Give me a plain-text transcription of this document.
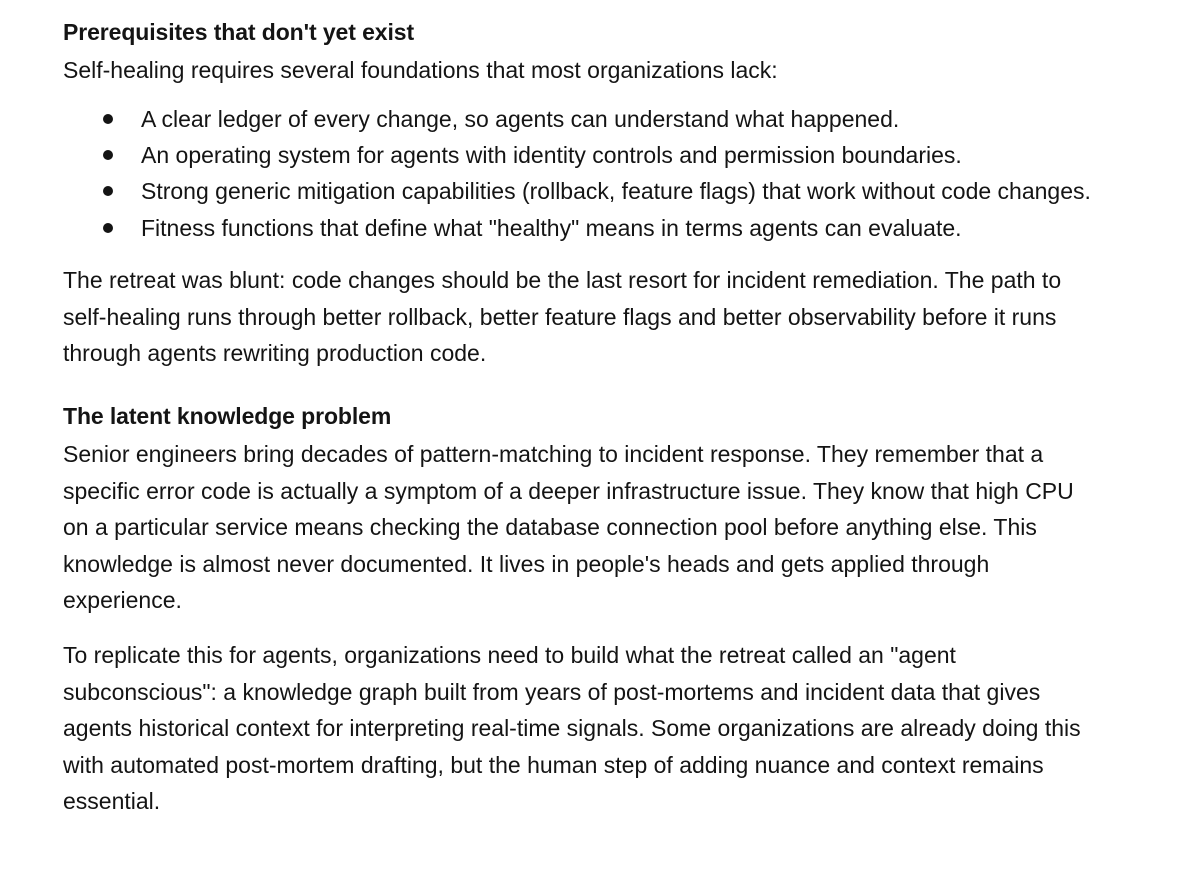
Prerequisites that don't yet exist

Self-healing requires several foundations that most organizations lack:

A clear ledger of every change, so agents can understand what happened.
An operating system for agents with identity controls and permission boundaries.
Strong generic mitigation capabilities (rollback, feature flags) that work without code changes.
Fitness functions that define what "healthy" means in terms agents can evaluate.

The retreat was blunt: code changes should be the last resort for incident remediation. The path to self-healing runs through better rollback, better feature flags and better observability before it runs through agents rewriting production code.

The latent knowledge problem

Senior engineers bring decades of pattern-matching to incident response. They remember that a specific error code is actually a symptom of a deeper infrastructure issue. They know that high CPU on a particular service means checking the database connection pool before anything else. This knowledge is almost never documented. It lives in people's heads and gets applied through experience.

To replicate this for agents, organizations need to build what the retreat called an "agent subconscious": a knowledge graph built from years of post-mortems and incident data that gives agents historical context for interpreting real-time signals. Some organizations are already doing this with automated post-mortem drafting, but the human step of adding nuance and context remains essential.
